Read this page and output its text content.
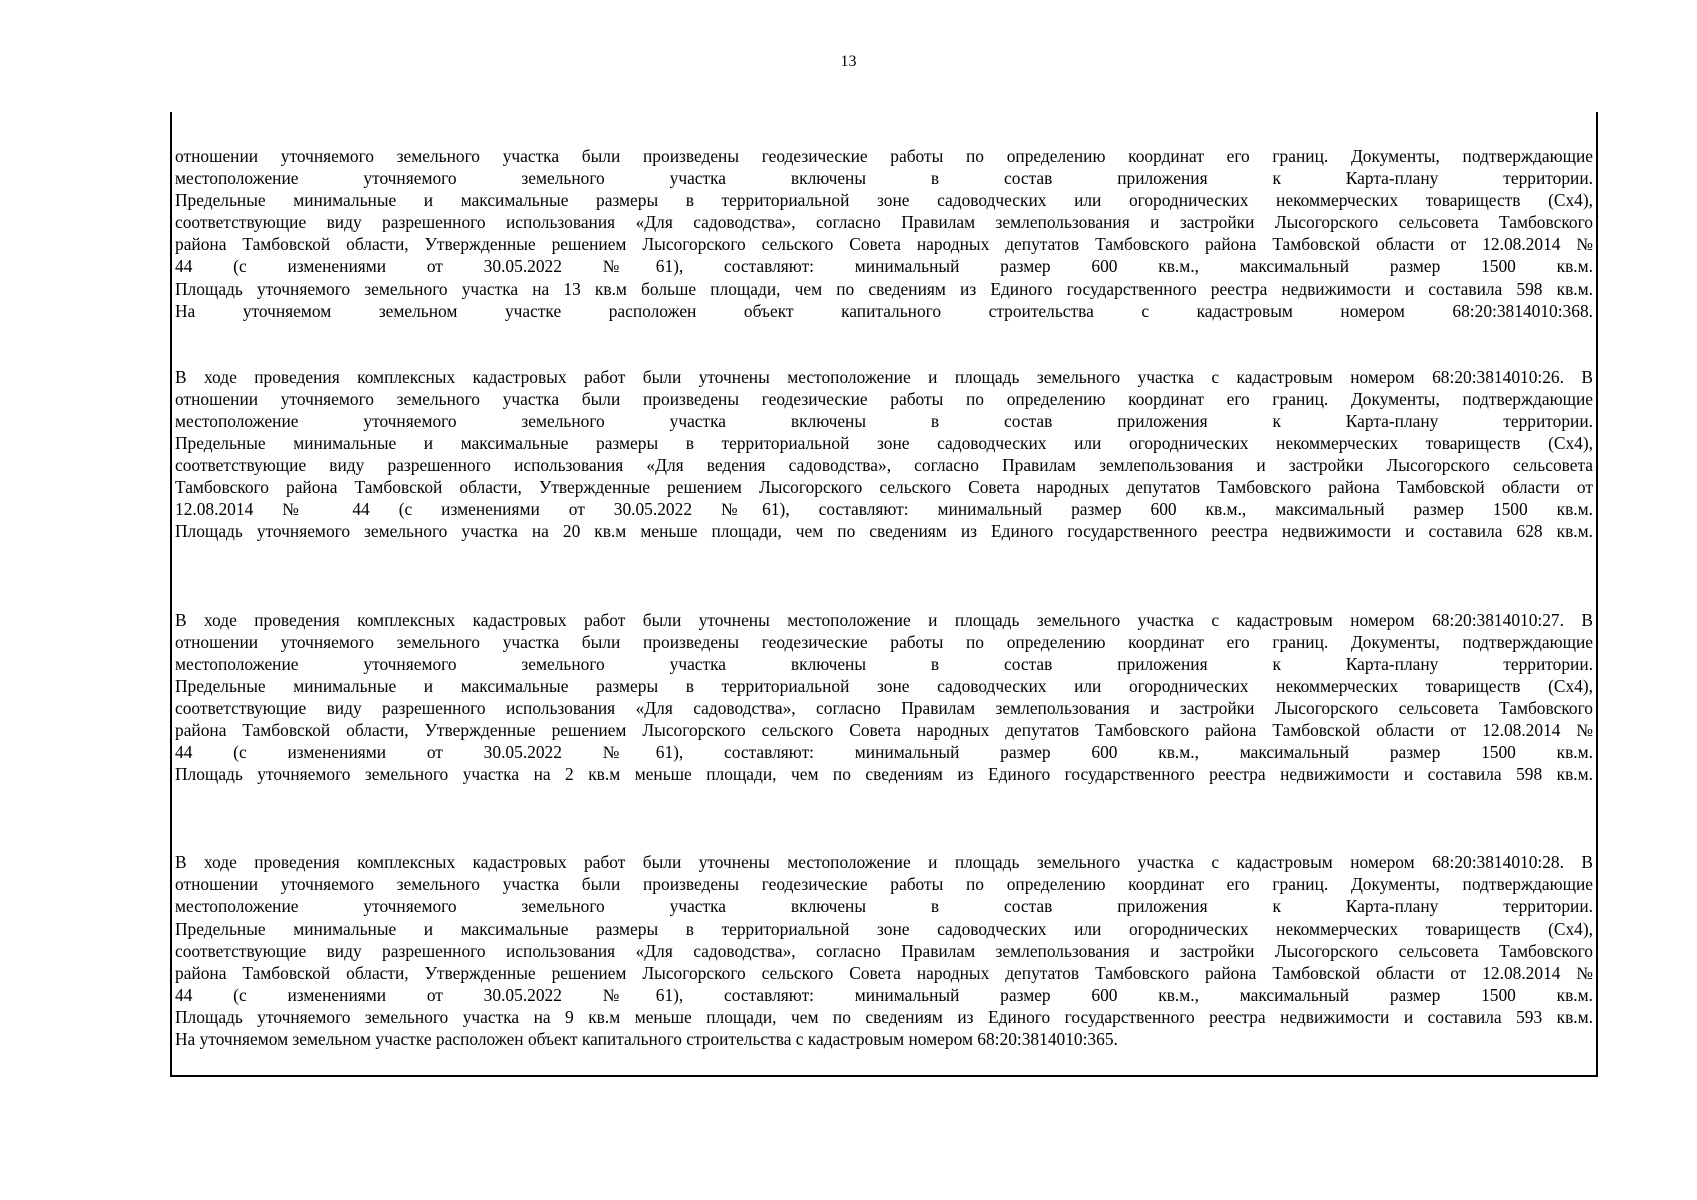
13
отношении уточняемого земельного участка были произведены геодезические работы по определению координат его границ. Документы, подтверждающие
местоположение уточняемого земельного участка включены в состав приложения к Карта-плану территории.
Предельные минимальные и максимальные размеры в территориальной зоне садоводческих или огороднических некоммерческих товариществ (Сх4),
соответствующие виду разрешенного использования «Для садоводства», согласно Правилам землепользования и застройки Лысогорского сельсовета Тамбовского
района Тамбовской области, Утвержденные решением Лысогорского сельского Совета народных депутатов Тамбовского района Тамбовской области от 12.08.2014 №
44 (с изменениями от 30.05.2022 №61), составляют: минимальный размер 600 кв.м., максимальный размер 1500 кв.м.
Площадь уточняемого земельного участка на 13 кв.м больше площади, чем по сведениям из Единого государственного реестра недвижимости и составила 598 кв.м.
На уточняемом земельном участке расположен объект капитального строительства с кадастровым номером 68:20:3814010:368.
В ходе проведения комплексных кадастровых работ были уточнены местоположение и площадь земельного участка с кадастровым номером 68:20:3814010:26. В
отношении уточняемого земельного участка были произведены геодезические работы по определению координат его границ. Документы, подтверждающие
местоположение уточняемого земельного участка включены в состав приложения к Карта-плану территории.
Предельные минимальные и максимальные размеры в территориальной зоне садоводческих или огороднических некоммерческих товариществ (Сх4),
соответствующие виду разрешенного использования «Для ведения садоводства», согласно Правилам землепользования и застройки Лысогорского сельсовета
Тамбовского района Тамбовской области, Утвержденные решением Лысогорского сельского Совета народных депутатов Тамбовского района Тамбовской области от
12.08.2014 № 44 (с изменениями от 30.05.2022 №61), составляют: минимальный размер 600 кв.м., максимальный размер 1500 кв.м.
Площадь уточняемого земельного участка на 20 кв.м меньше площади, чем по сведениям из Единого государственного реестра недвижимости и составила 628 кв.м.
В ходе проведения комплексных кадастровых работ были уточнены местоположение и площадь земельного участка с кадастровым номером 68:20:3814010:27. В
отношении уточняемого земельного участка были произведены геодезические работы по определению координат его границ. Документы, подтверждающие
местоположение уточняемого земельного участка включены в состав приложения к Карта-плану территории.
Предельные минимальные и максимальные размеры в территориальной зоне садоводческих или огороднических некоммерческих товариществ (Сх4),
соответствующие виду разрешенного использования «Для садоводства», согласно Правилам землепользования и застройки Лысогорского сельсовета Тамбовского
района Тамбовской области, Утвержденные решением Лысогорского сельского Совета народных депутатов Тамбовского района Тамбовской области от 12.08.2014 №
44 (с изменениями от 30.05.2022 №61), составляют: минимальный размер 600 кв.м., максимальный размер 1500 кв.м.
Площадь уточняемого земельного участка на 2 кв.м меньше площади, чем по сведениям из Единого государственного реестра недвижимости и составила 598 кв.м.
В ходе проведения комплексных кадастровых работ были уточнены местоположение и площадь земельного участка с кадастровым номером 68:20:3814010:28. В
отношении уточняемого земельного участка были произведены геодезические работы по определению координат его границ. Документы, подтверждающие
местоположение уточняемого земельного участка включены в состав приложения к Карта-плану территории.
Предельные минимальные и максимальные размеры в территориальной зоне садоводческих или огороднических некоммерческих товариществ (Сх4),
соответствующие виду разрешенного использования «Для садоводства», согласно Правилам землепользования и застройки Лысогорского сельсовета Тамбовского
района Тамбовской области, Утвержденные решением Лысогорского сельского Совета народных депутатов Тамбовского района Тамбовской области от 12.08.2014 №
44 (с изменениями от 30.05.2022 №61), составляют: минимальный размер 600 кв.м., максимальный размер 1500 кв.м.
Площадь уточняемого земельного участка на 9 кв.м меньше площади, чем по сведениям из Единого государственного реестра недвижимости и составила 593 кв.м.
На уточняемом земельном участке расположен объект капитального строительства с кадастровым номером 68:20:3814010:365.
